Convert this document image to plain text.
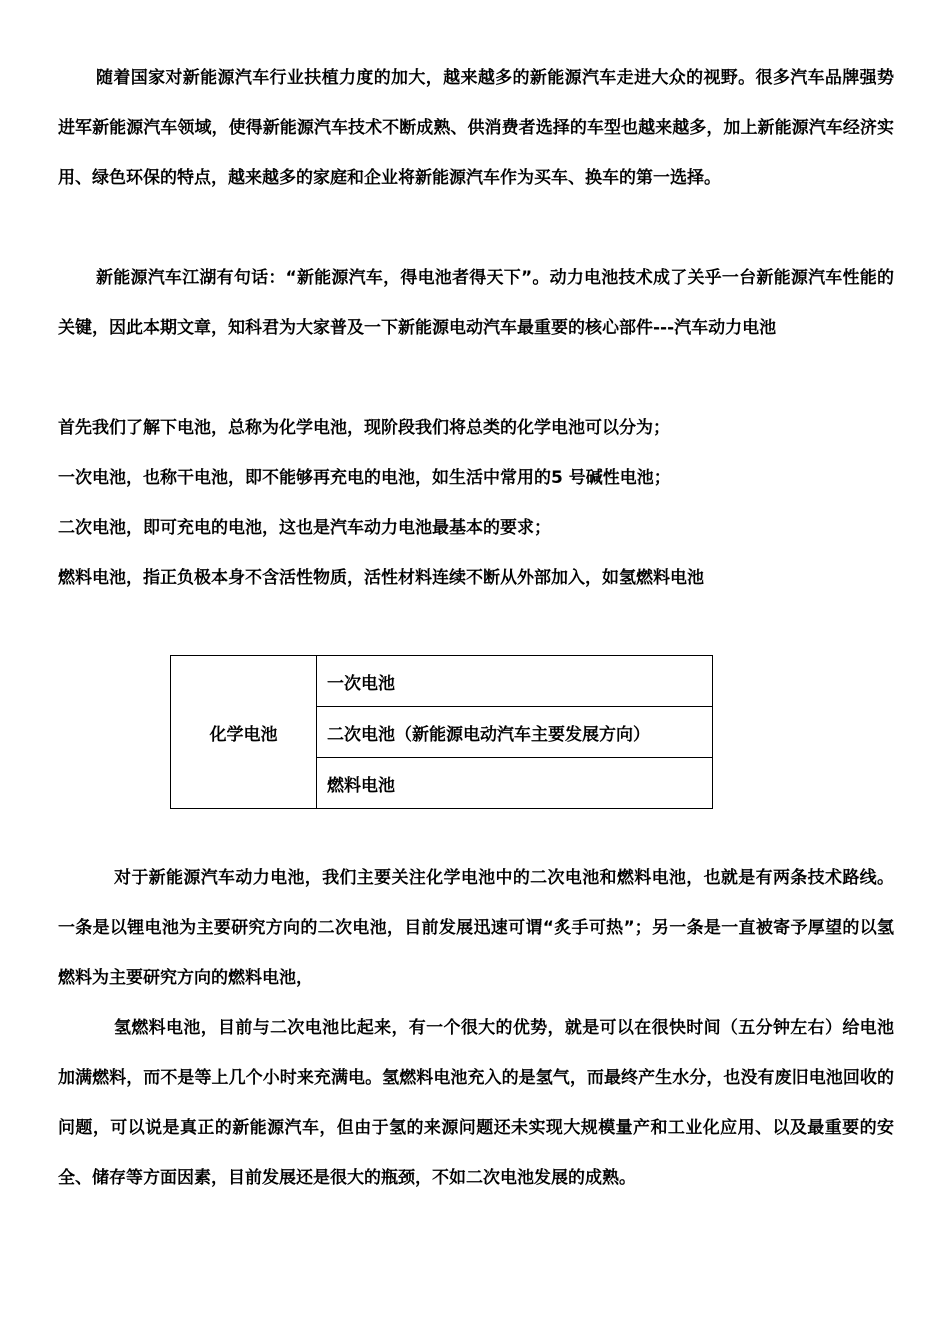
随着国家对新能源汽车行业扶植力度的加大，越来越多的新能源汽车走进大众的视野。很多汽车品牌强势进军新能源汽车领域，使得新能源汽车技术不断成熟、供消费者选择的车型也越来越多，加上新能源汽车经济实用、绿色环保的特点，越来越多的家庭和企业将新能源汽车作为买车、换车的第一选择。

新能源汽车江湖有句话：“新能源汽车，得电池者得天下”。动力电池技术成了关乎一台新能源汽车性能的关键，因此本期文章，知科君为大家普及一下新能源电动汽车最重要的核心部件---汽车动力电池

首先我们了解下电池，总称为化学电池，现阶段我们将总类的化学电池可以分为；

一次电池，也称干电池，即不能够再充电的电池，如生活中常用的5 号碱性电池；

二次电池，即可充电的电池，这也是汽车动力电池最基本的要求；

燃料电池，指正负极本身不含活性物质，活性材料连续不断从外部加入，如氢燃料电池

化学电池	一次电池
二次电池（新能源电动汽车主要发展方向）
燃料电池

对于新能源汽车动力电池，我们主要关注化学电池中的二次电池和燃料电池，也就是有两条技术路线。一条是以锂电池为主要研究方向的二次电池，目前发展迅速可谓“炙手可热”；另一条是一直被寄予厚望的以氢燃料为主要研究方向的燃料电池，

氢燃料电池，目前与二次电池比起来，有一个很大的优势，就是可以在很快时间（五分钟左右）给电池加满燃料，而不是等上几个小时来充满电。氢燃料电池充入的是氢气，而最终产生水分，也没有废旧电池回收的问题，可以说是真正的新能源汽车，但由于氢的来源问题还未实现大规模量产和工业化应用、以及最重要的安全、储存等方面因素，目前发展还是很大的瓶颈，不如二次电池发展的成熟。
